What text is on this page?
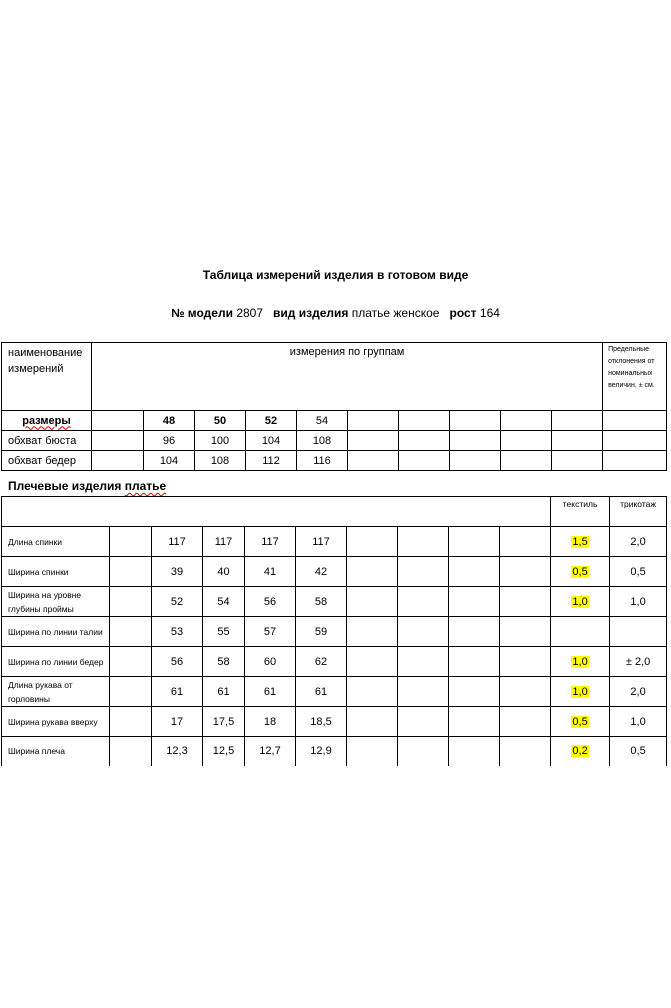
Таблица измерений изделия в готовом виде
№ модели 2807 вид изделия платье женское рост 164
наименование измерений	измерения по группам										Предельные отклонения от номинальных величин, ± см.
размеры		48	50	52	54						
обхват бюста		96	100	104	108						
обхват бедер		104	108	112	116						
Плечевые изделия платье
										текстиль	трикотаж
Длина спинки		117	117	117	117					1,5	2,0
Ширина спинки		39	40	41	42					0,5	0,5
Ширина на уровне глубины проймы		52	54	56	58					1,0	1,0
Ширина по линии талии		53	55	57	59						
Ширина по линии бедер		56	58	60	62					1,0	± 2,0
Длина рукава от горловины		61	61	61	61					1,0	2,0
Ширина рукава вверху		17	17,5	18	18,5					0,5	1,0
Ширина плеча		12,3	12,5	12,7	12,9					0,2	0,5
